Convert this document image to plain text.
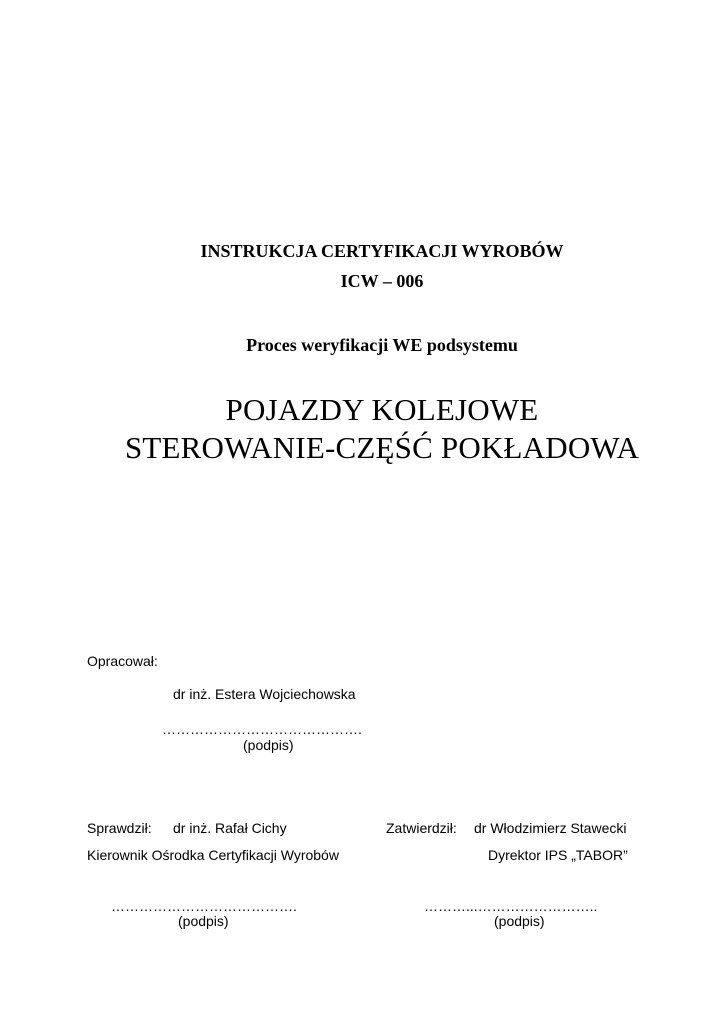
INSTRUKCJA CERTYFIKACJI WYROBÓW
ICW – 006
Proces weryfikacji WE podsystemu
POJAZDY KOLEJOWE
STEROWANIE-CZĘŚĆ POKŁADOWA
Opracował:
dr inż. Estera Wojciechowska
…………………………………….
(podpis)
Sprawdził: dr inż. Rafał Cichy
Kierownik Ośrodka Certyfikacji Wyrobów
………………………………….
(podpis)
Zatwierdził: dr Włodzimierz Stawecki
Dyrektor IPS „TABOR”
………...……………………..
(podpis)
